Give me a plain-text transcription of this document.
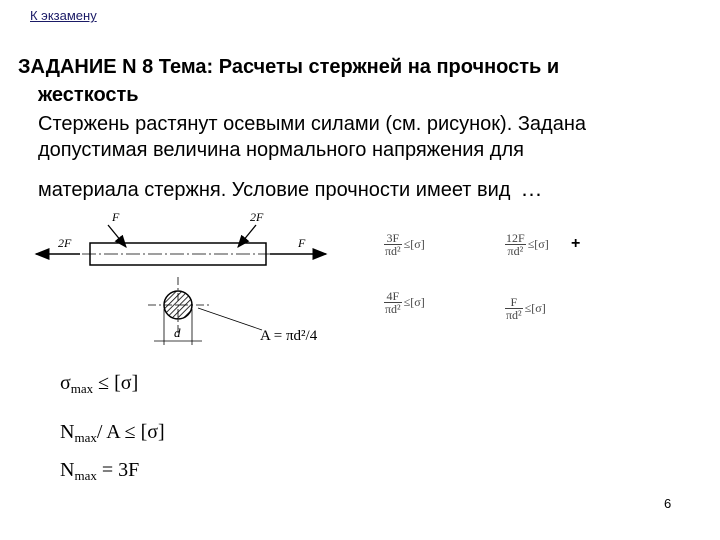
К экзамену
ЗАДАНИЕ N 8 Тема: Расчеты стержней на прочность и
жесткость
Стержень растянут осевыми силами (см. рисунок). Задана
допустимая величина нормального напряжения для
материала стержня. Условие прочности имеет вид …
2F
F	2F
F
d	A = πd²/4
$\frac{3F}{\text{πd²}} \le[\sigma]$	$\frac{12F}{\text{πd²}} \le[\sigma]$ +
$\frac{4F}{\text{πd²}} \le[\sigma]$	$\frac{F}{\text{πd²}} \le[\sigma]$
$\sigma_{max} \le [\sigma]$
$N_{max}/$ A ≤ [σ]
$N_{max} = 3F$
6
